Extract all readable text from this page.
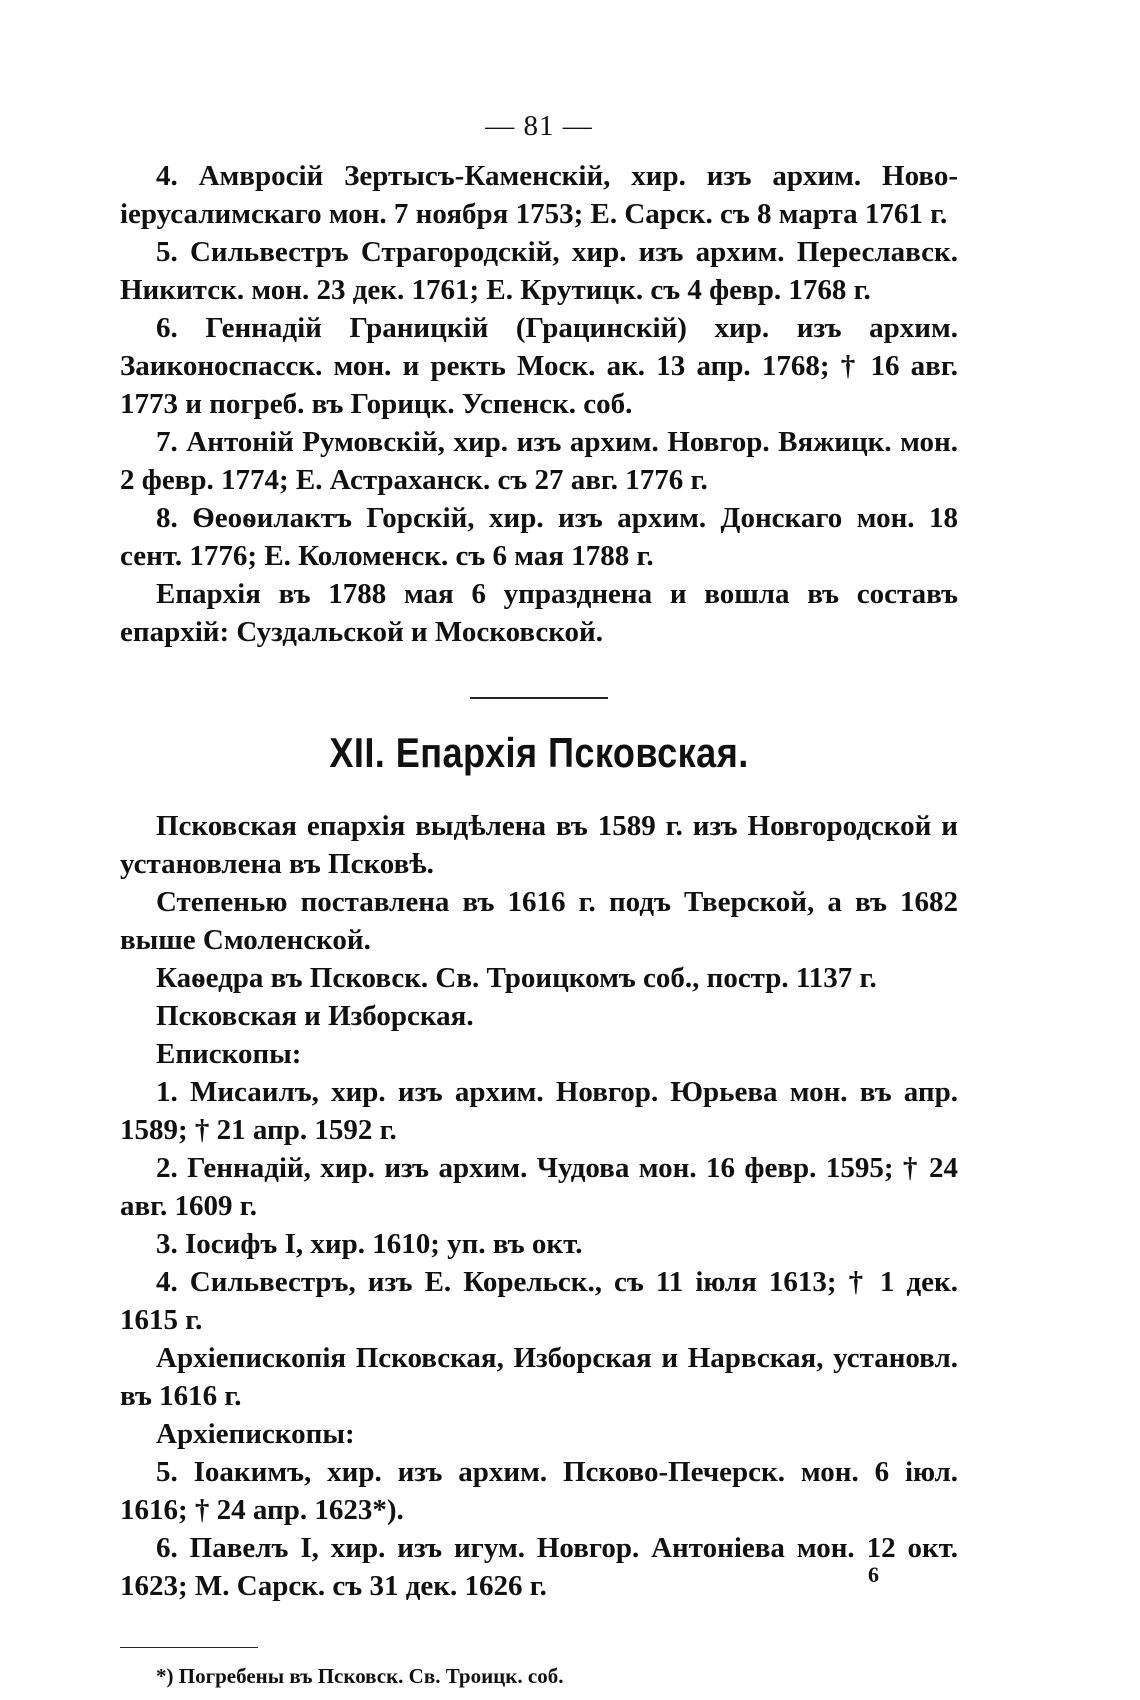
— 81 —

4. Амвросій Зертысъ-Каменскій, хир. изъ архим. Ново-іерусалимскаго мон. 7 ноября 1753; Е. Сарск. съ 8 марта 1761 г.

5. Сильвестръ Страгородскій, хир. изъ архим. Переславск. Никитск. мон. 23 дек. 1761; Е. Крутицк. съ 4 февр. 1768 г.

6. Геннадій Границкій (Грацинскій) хир. изъ архим. Заиконоспасск. мон. и ректь Моск. ак. 13 апр. 1768; † 16 авг. 1773 и погреб. въ Горицк. Успенск. соб.

7. Антоній Румовскій, хир. изъ архим. Новгор. Вяжицк. мон. 2 февр. 1774; Е. Астраханск. съ 27 авг. 1776 г.

8. Ѳеоѳилактъ Горскій, хир. изъ архим. Донскаго мон. 18 сент. 1776; Е. Коломенск. съ 6 мая 1788 г.

Епархія въ 1788 мая 6 упразднена и вошла въ составъ епархій: Суздальской и Московской.

XII. Епархія Псковская.

Псковская епархія выдѣлена въ 1589 г. изъ Новгородской и установлена въ Псковѣ.

Степенью поставлена въ 1616 г. подъ Тверской, а въ 1682 выше Смоленской.

Каѳедра въ Псковск. Св. Троицкомъ соб., постр. 1137 г.

Псковская и Изборская.

Епископы:

1. Мисаилъ, хир. изъ архим. Новгор. Юрьева мон. въ апр. 1589; † 21 апр. 1592 г.

2. Геннадій, хир. изъ архим. Чудова мон. 16 февр. 1595; † 24 авг. 1609 г.

3. Іосифъ I, хир. 1610; уп. въ окт.

4. Сильвестръ, изъ Е. Корельск., съ 11 іюля 1613; † 1 дек. 1615 г.

Архіепископія Псковская, Изборская и Нарвская, установл. въ 1616 г.

Архіепископы:

5. Іоакимъ, хир. изъ архим. Псково-Печерск. мон. 6 іюл. 1616; † 24 апр. 1623*).

6. Павелъ I, хир. изъ игум. Новгор. Антоніева мон. 12 окт. 1623; М. Сарск. съ 31 дек. 1626 г.

*) Погребены въ Псковск. Св. Троицк. соб.

6
